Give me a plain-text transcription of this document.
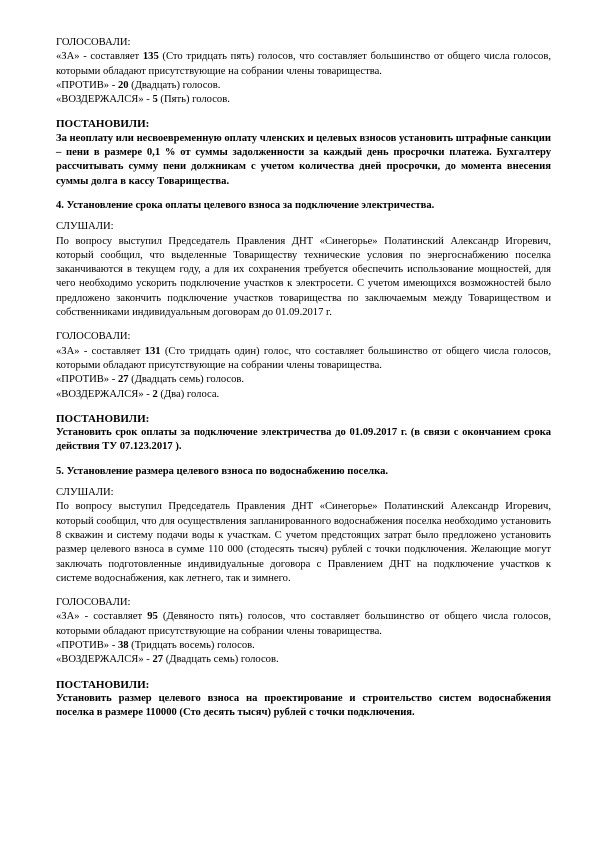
ГОЛОСОВАЛИ:

«ЗА» - составляет 135 (Сто тридцать пять) голосов, что составляет большинство от общего числа голосов, которыми обладают присутствующие на собрании члены товарищества.

«ПРОТИВ» - 20 (Двадцать) голосов.

«ВОЗДЕРЖАЛСЯ» - 5 (Пять) голосов.

ПОСТАНОВИЛИ:

За неоплату или несвоевременную оплату членских и целевых взносов установить штрафные санкции – пени в размере 0,1 % от суммы задолженности за каждый день просрочки платежа. Бухгалтеру рассчитывать сумму пени должникам с учетом количества дней просрочки, до момента внесения суммы долга в кассу Товарищества.

4. Установление срока оплаты целевого взноса за подключение электричества.

СЛУШАЛИ:

По вопросу выступил Председатель Правления ДНТ «Синегорье» Полатинский Александр Игоревич, который сообщил, что выделенные Товариществу технические условия по энергоснабжению поселка заканчиваются в текущем году, а для их сохранения требуется обеспечить использование мощностей, для чего необходимо ускорить подключение участков к электросети. С учетом имеющихся возможностей было предложено закончить подключение участков товарищества по заключаемым между Товариществом и собственниками индивидуальным договорам до 01.09.2017 г.

ГОЛОСОВАЛИ:

«ЗА» - составляет 131 (Сто тридцать один) голос, что составляет большинство от общего числа голосов, которыми обладают присутствующие на собрании члены товарищества.

«ПРОТИВ» - 27 (Двадцать семь) голосов.

«ВОЗДЕРЖАЛСЯ» - 2 (Два) голоса.

ПОСТАНОВИЛИ:

Установить срок оплаты за подключение электричества до 01.09.2017 г. (в связи с окончанием срока действия ТУ 07.123.2017 ).

5. Установление размера целевого взноса по водоснабжению поселка.

СЛУШАЛИ:

По вопросу выступил Председатель Правления ДНТ «Синегорье» Полатинский Александр Игоревич, который сообщил, что для осуществления запланированного водоснабжения поселка необходимо установить 8 скважин и систему подачи воды к участкам. С учетом предстоящих затрат было предложено установить размер целевого взноса в сумме 110 000 (стодесять тысяч) рублей с точки подключения. Желающие могут заключать подготовленные индивидуальные договора с Правлением ДНТ на подключение участков к системе водоснабжения, как летнего, так и зимнего.

ГОЛОСОВАЛИ:

«ЗА» - составляет 95 (Девяносто пять) голосов, что составляет большинство от общего числа голосов, которыми обладают присутствующие на собрании члены товарищества.

«ПРОТИВ» - 38 (Тридцать восемь) голосов.

«ВОЗДЕРЖАЛСЯ» - 27 (Двадцать семь) голосов.

ПОСТАНОВИЛИ:

Установить размер целевого взноса на проектирование и строительство систем водоснабжения поселка в размере 110000 (Сто десять тысяч) рублей с точки подключения.
